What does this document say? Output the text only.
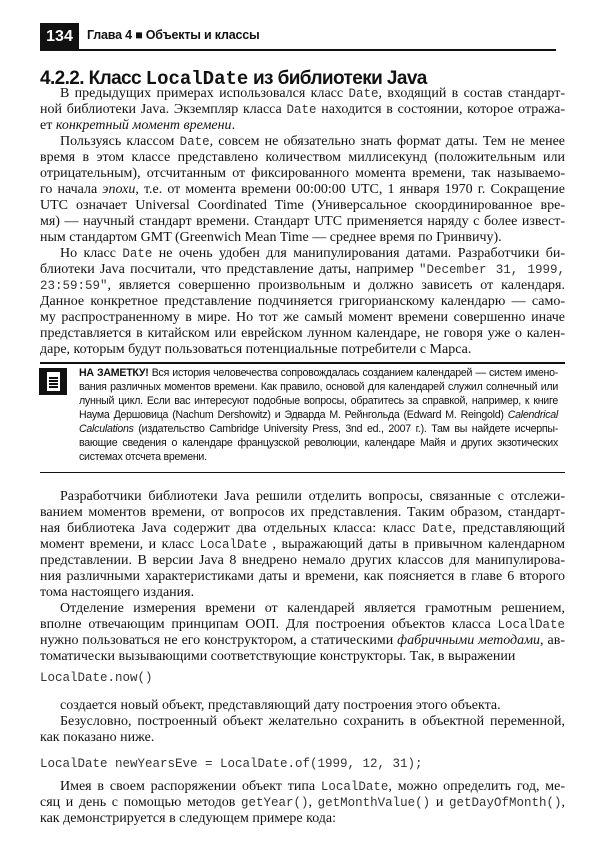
134	Глава 4 ■ Объекты и классы
4.2.2. Класс LocalDate из библиотеки Java
В предыдущих примерах использовался класс Date, входящий в состав стандарт-
ной библиотеки Java. Экземпляр класса Date находится в состоянии, которое отража-
ет конкретный момент времени.
Пользуясь классом Date, совсем не обязательно знать формат даты. Тем не менее
время в этом классе представлено количеством миллисекунд (положительным или
отрицательным), отсчитанным от фиксированного момента времени, так называемо-
го начала эпохи, т.е. от момента времени 00:00:00 UTC, 1 января 1970 г. Сокращение
UTC означает Universal Coordinated Time (Универсальное скоординированное вре-
мя) — научный стандарт времени. Стандарт UTC применяется наряду с более извест-
ным стандартом GMT (Greenwich Mean Time — среднее время по Гринвичу).
Но класс Date не очень удобен для манипулирования датами. Разработчики би-
блиотеки Java посчитали, что представление даты, например "December 31, 1999,
23:59:59", является совершенно произвольным и должно зависеть от календаря.
Данное конкретное представление подчиняется григорианскому календарю — само-
му распространенному в мире. Но тот же самый момент времени совершенно иначе
представляется в китайском или еврейском лунном календаре, не говоря уже о кален-
даре, которым будут пользоваться потенциальные потребители с Марса.
НА ЗАМЕТКУ! Вся история человечества сопровождалась созданием календарей — систем имено-
вания различных моментов времени. Как правило, основой для календарей служил солнечный или
лунный цикл. Если вас интересуют подобные вопросы, обратитесь за справкой, например, к книге
Наума Дершовица (Nachum Dershowitz) и Эдварда М. Рейнгольда (Edward M. Reingold) Calendrical
Calculations (издательство Cambridge University Press, 3nd ed., 2007 г.). Там вы найдете исчерпы-
вающие сведения о календаре французской революции, календаре Майя и других экзотических
системах отсчета времени.
Разработчики библиотеки Java решили отделить вопросы, связанные с отслежи-
ванием моментов времени, от вопросов их представления. Таким образом, стандарт-
ная библиотека Java содержит два отдельных класса: класс Date, представляющий
момент времени, и класс LocalDate , выражающий даты в привычном календарном
представлении. В версии Java 8 внедрено немало других классов для манипулирова-
ния различными характеристиками даты и времени, как поясняется в главе 6 второго
тома настоящего издания.
Отделение измерения времени от календарей является грамотным решением,
вполне отвечающим принципам ООП. Для построения объектов класса LocalDate
нужно пользоваться не его конструктором, а статическими фабричными методами, ав-
томатически вызывающими соответствующие конструкторы. Так, в выражении
LocalDate.now()
создается новый объект, представляющий дату построения этого объекта.
Безусловно, построенный объект желательно сохранить в объектной переменной,
как показано ниже.
LocalDate newYearsEve = LocalDate.of(1999, 12, 31);
Имея в своем распоряжении объект типа LocalDate, можно определить год, ме-
сяц и день с помощью методов getYear(), getMonthValue() и getDayOfMonth(),
как демонстрируется в следующем примере кода:
